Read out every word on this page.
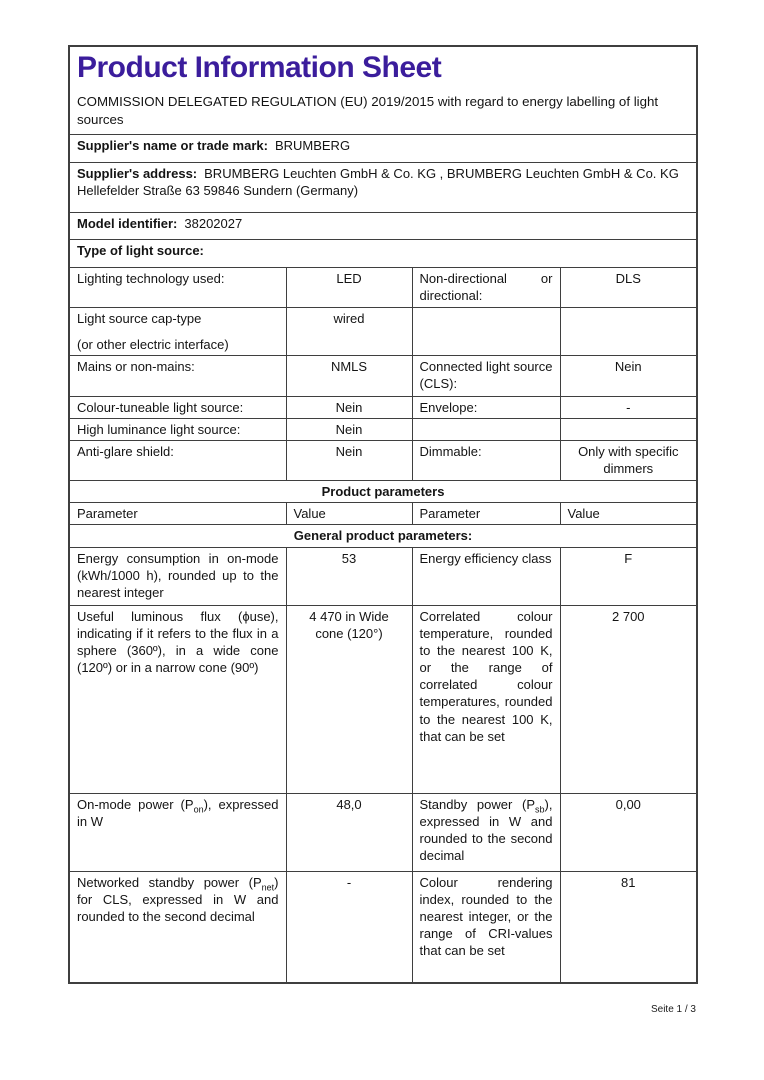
Product Information Sheet

COMMISSION DELEGATED REGULATION (EU) 2019/2015 with regard to energy labelling of light sources

Supplier's name or trade mark: BRUMBERG			
Supplier's address: BRUMBERG Leuchten GmbH & Co. KG , BRUMBERG Leuchten GmbH & Co. KG Hellefelder Straße 63 59846 Sundern (Germany)			
Model identifier: 38202027			
Type of light source:			
Lighting technology used:	LED	Non-directional or directional:	DLS

Light source cap-type
(or other electric interface)	wired		
Mains or non-mains:	NMLS	Connected light source (CLS):	Nein
Colour-tuneable light source:	Nein	Envelope:	-
High luminance light source:	Nein		
Anti-glare shield:	Nein	Dimmable:	Only with specific dimmers
Product parameters			
Parameter	Value	Parameter	Value
General product parameters:			
Energy consumption in on-mode (kWh/1000 h), rounded up to the nearest integer	53	Energy efficiency class	F
Useful luminous flux (ϕuse), indicating if it refers to the flux in a sphere (360º), in a wide cone (120º) or in a narrow cone (90º)	4 470 in Wide cone (120°)	Correlated colour temperature, rounded to the nearest 100 K, or the range of correlated colour temperatures, rounded to the nearest 100 K, that can be set	2 700
On-mode power $(P_{on})$, expressed in W	48,0	Standby power $(P_{sb})$, expressed in W and rounded to the second decimal	0,00
Networked standby power $(P_{net})$ for CLS, expressed in W and rounded to the second decimal	-	Colour rendering index, rounded to the nearest integer, or the range of CRI-values that can be set	81
Seite 1 / 3
